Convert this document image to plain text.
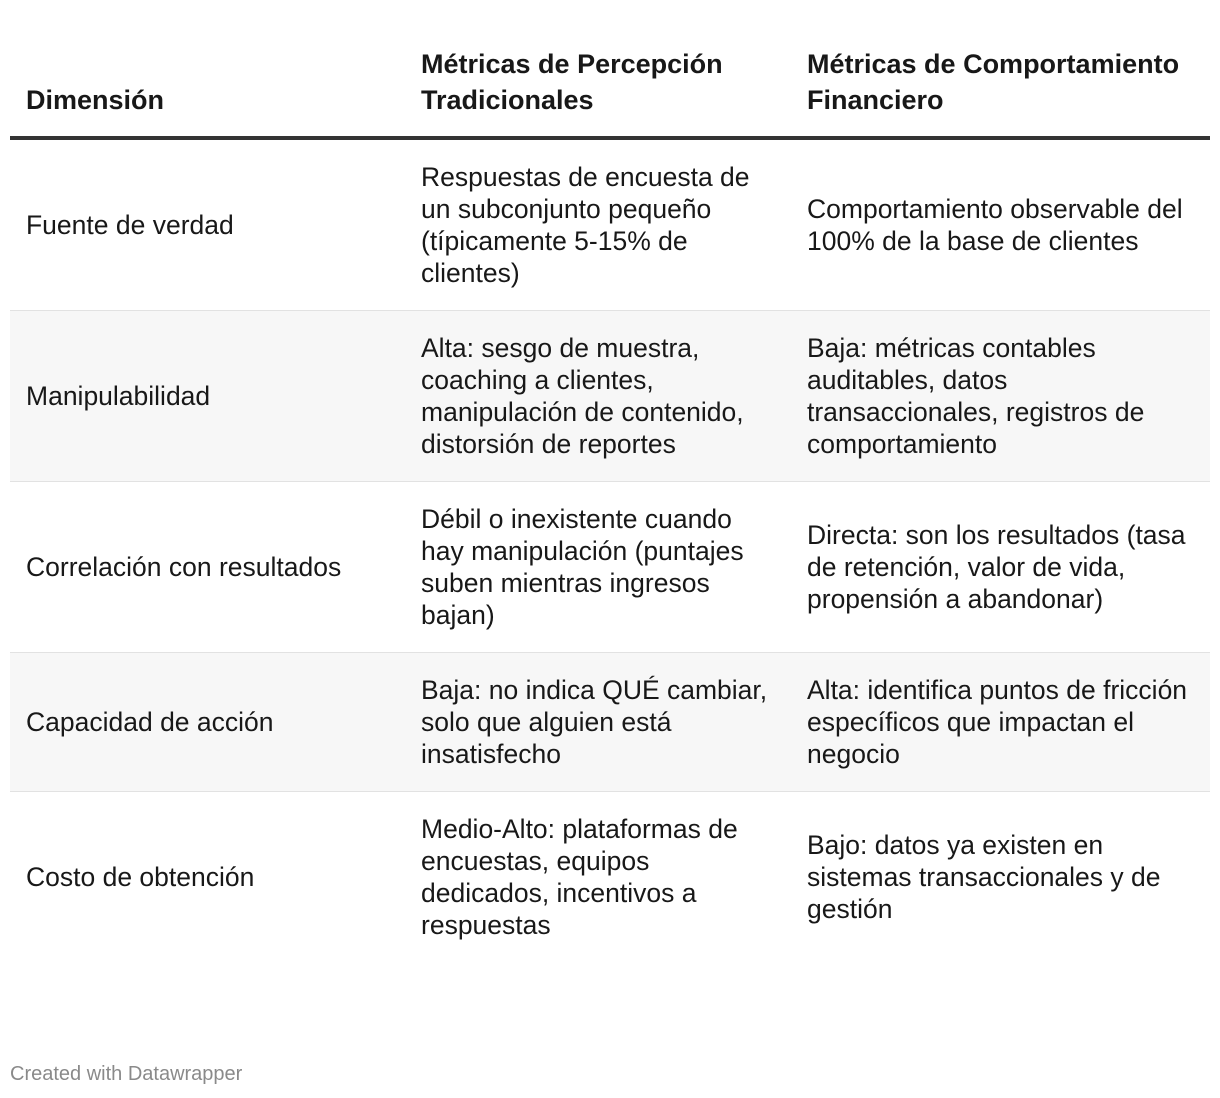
Dimensión	Métricas de Percepción Tradicionales	Métricas de Comportamiento Financiero
Fuente de verdad	Respuestas de encuesta de un subconjunto pequeño (típicamente 5-15% de clientes)	Comportamiento observable del 100% de la base de clientes
Manipulabilidad	Alta: sesgo de muestra, coaching a clientes, manipulación de contenido, distorsión de reportes	Baja: métricas contables auditables, datos transaccionales, registros de comportamiento
Correlación con resultados	Débil o inexistente cuando hay manipulación (puntajes suben mientras ingresos bajan)	Directa: son los resultados (tasa de retención, valor de vida, propensión a abandonar)
Capacidad de acción	Baja: no indica QUÉ cambiar, solo que alguien está insatisfecho	Alta: identifica puntos de fricción específicos que impactan el negocio
Costo de obtención	Medio-Alto: plataformas de encuestas, equipos dedicados, incentivos a respuestas	Bajo: datos ya existen en sistemas transaccionales y de gestión
Created with Datawrapper
